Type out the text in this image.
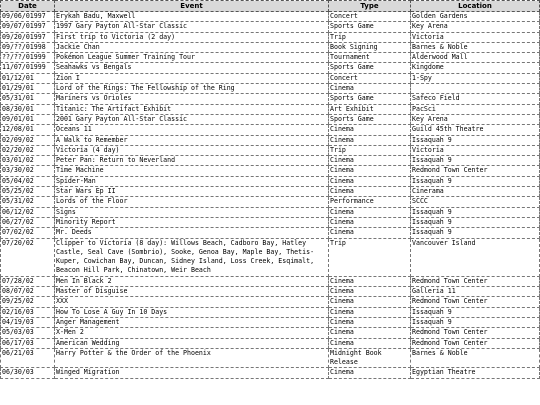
Date	Event	Type	Location
09/06/01997	Erykah Badu, Maxwell	Concert	Golden Gardens
09/07/01997	1997 Gary Payton All-Star Classic	Sports Game	Key Arena
09/20/01997	First trip to Victoria (2 day)	Trip	Victoria
09/??/01998	Jackie Chan	Book Signing	Barnes & Noble
??/??/01999	Pokémon League Summer Training Tour	Tournament	Alderwood Mall
11/07/01999	Seahawks vs Bengals	Sports Game	Kingdome
01/12/01	Zion I	Concert	1-Spy
01/29/01	Lord of the Rings: The Fellowship of the Ring	Cinema	
05/31/01	Mariners vs Orioles	Sports Game	Safeco Field
08/30/01	Titanic: The Artifact Exhibit	Art Exhibit	PacSci
09/01/01	2001 Gary Payton All-Star Classic	Sports Game	Key Arena
12/08/01	Oceans 11	Cinema	Guild 45th Theatre
02/09/02	A Walk to Remember	Cinema	Issaquah 9
02/20/02	Victoria (4 day)	Trip	Victoria
03/01/02	Peter Pan: Return to Neverland	Cinema	Issaquah 9
03/30/02	Time Machine	Cinema	Redmond Town Center
05/04/02	Spider-Man	Cinema	Issaquah 9
05/25/02	Star Wars Ep II	Cinema	Cinerama
05/31/02	Lords of the Floor	Performance	SCCC
06/12/02	Signs	Cinema	Issaquah 9
06/27/02	Minority Report	Cinema	Issaquah 9
07/02/02	Mr. Deeds	Cinema	Issaquah 9
07/20/02	Clipper to Victoria (8 day): Willows Beach, Cadboro Bay, Hatley Castle, Seal Cave (Sombrio), Sooke, Genoa Bay, Maple Bay, Thetis-Kuper, Cowichan Bay, Duncan, Sidney Island, Loss Creek, Esqimalt, Beacon Hill Park, Chinatown, Weir Beach	Trip	Vancouver Island
07/28/02	Men In Black 2	Cinema	Redmond Town Center
08/07/02	Master of Disguise	Cinema	Galleria 11
09/25/02	XXX	Cinema	Redmond Town Center
02/16/03	How To Lose A Guy In 10 Days	Cinema	Issaquah 9
04/19/03	Anger Management	Cinema	Issaquah 9
05/03/03	X-Men 2	Cinema	Redmond Town Center
06/17/03	American Wedding	Cinema	Redmond Town Center
06/21/03	Harry Potter & the Order of the Phoenix	Midnight Book Release	Barnes & Noble
06/30/03	Winged Migration	Cinema	Egyptian Theatre
